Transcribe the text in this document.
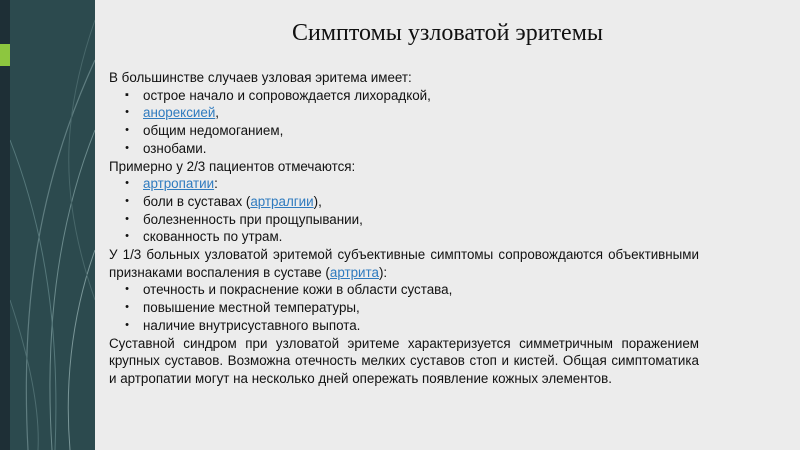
Симптомы узловатой эритемы

В большинстве случаев узловая эритема имеет:

▪	острое начало и сопровождается лихорадкой,
•	анорексией,
•	общим недомоганием,
•	ознобами.

Примерно у 2/3 пациентов отмечаются:

•	артропатии:
•	боли в суставах (артралгии),
•	болезненность при прощупывании,
•	скованность по утрам.

У 1/3 больных узловатой эритемой субъективные симптомы сопровождаются объективными признаками воспаления в суставе (артрита):

•	отечность и покраснение кожи в области сустава,
•	повышение местной температуры,
•	наличие внутрисуставного выпота.

Суставной синдром при узловатой эритеме характеризуется симметричным поражением крупных суставов. Возможна отечность мелких суставов стоп и кистей. Общая симптоматика и артропатии могут на несколько дней опережать появление кожных элементов.
